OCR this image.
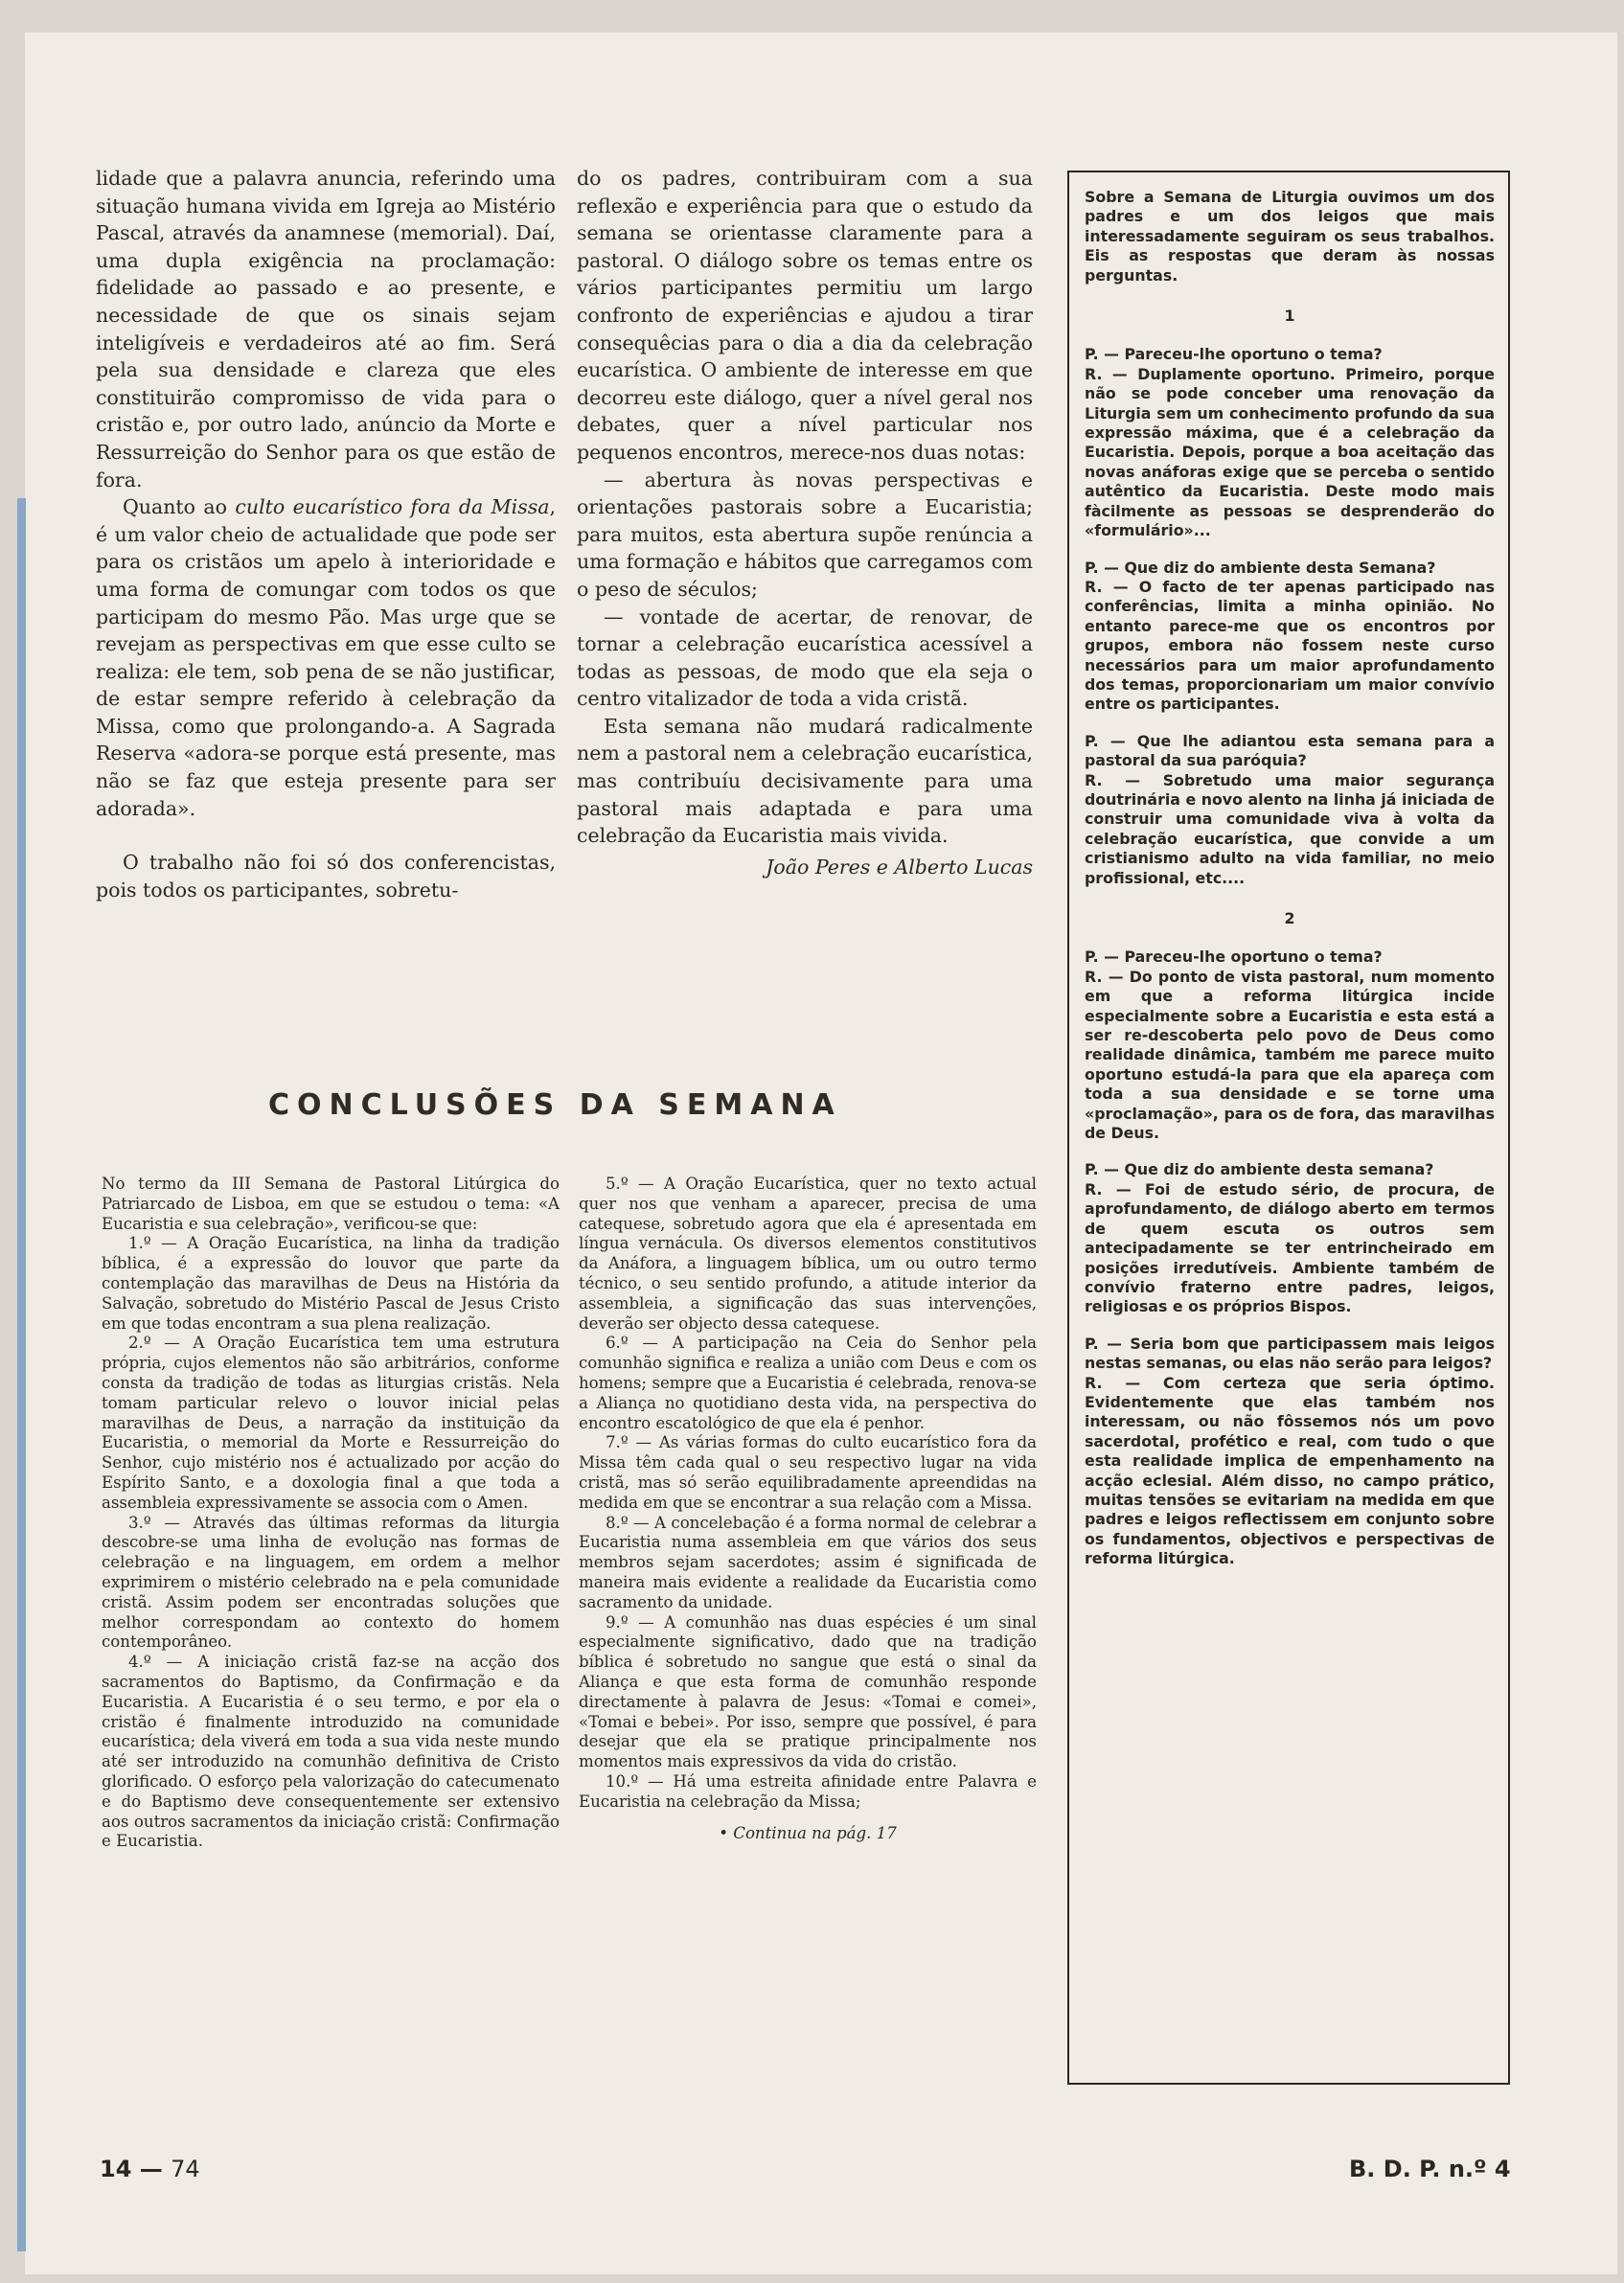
lidade que a palavra anuncia, referindo uma situação humana vivida em Igreja ao Mistério Pascal, através da anamnese (memorial). Daí, uma dupla exigência na proclamação: fidelidade ao passado e ao presente, e necessidade de que os sinais sejam inteligíveis e verdadeiros até ao fim. Será pela sua densidade e clareza que eles constituirão compromisso de vida para o cristão e, por outro lado, anúncio da Morte e Ressurreição do Senhor para os que estão de fora.

Quanto ao culto eucarístico fora da Missa, é um valor cheio de actualidade que pode ser para os cristãos um apelo à interioridade e uma forma de comungar com todos os que participam do mesmo Pão. Mas urge que se revejam as perspectivas em que esse culto se realiza: ele tem, sob pena de se não justificar, de estar sempre referido à celebração da Missa, como que prolongando-a. A Sagrada Reserva «adora-se porque está presente, mas não se faz que esteja presente para ser adorada».

O trabalho não foi só dos conferencistas, pois todos os participantes, sobretu-

do os padres, contribuiram com a sua reflexão e experiência para que o estudo da semana se orientasse claramente para a pastoral. O diálogo sobre os temas entre os vários participantes permitiu um largo confronto de experiências e ajudou a tirar consequêcias para o dia a dia da celebração eucarística. O ambiente de interesse em que decorreu este diálogo, quer a nível geral nos debates, quer a nível particular nos pequenos encontros, merece-nos duas notas:

— abertura às novas perspectivas e orientações pastorais sobre a Eucaristia; para muitos, esta abertura supõe renúncia a uma formação e hábitos que carregamos com o peso de séculos;

— vontade de acertar, de renovar, de tornar a celebração eucarística acessível a todas as pessoas, de modo que ela seja o centro vitalizador de toda a vida cristã.

Esta semana não mudará radicalmente nem a pastoral nem a celebração eucarística, mas contribuíu decisivamente para uma pastoral mais adaptada e para uma celebração da Eucaristia mais vivida.

João Peres e Alberto Lucas

CONCLUSÕES DA SEMANA

No termo da III Semana de Pastoral Litúrgica do Patriarcado de Lisboa, em que se estudou o tema: «A Eucaristia e sua celebração», verificou-se que:

1.º — A Oração Eucarística, na linha da tradição bíblica, é a expressão do louvor que parte da contemplação das maravilhas de Deus na História da Salvação, sobretudo do Mistério Pascal de Jesus Cristo em que todas encontram a sua plena realização.

2.º — A Oração Eucarística tem uma estrutura própria, cujos elementos não são arbitrários, conforme consta da tradição de todas as liturgias cristãs. Nela tomam particular relevo o louvor inicial pelas maravilhas de Deus, a narração da instituição da Eucaristia, o memorial da Morte e Ressurreição do Senhor, cujo mistério nos é actualizado por acção do Espírito Santo, e a doxologia final a que toda a assembleia expressivamente se associa com o Amen.

3.º — Através das últimas reformas da liturgia descobre-se uma linha de evolução nas formas de celebração e na linguagem, em ordem a melhor exprimirem o mistério celebrado na e pela comunidade cristã. Assim podem ser encontradas soluções que melhor correspondam ao contexto do homem contemporâneo.

4.º — A iniciação cristã faz-se na acção dos sacramentos do Baptismo, da Confirmação e da Eucaristia. A Eucaristia é o seu termo, e por ela o cristão é finalmente introduzido na comunidade eucarística; dela viverá em toda a sua vida neste mundo até ser introduzido na comunhão definitiva de Cristo glorificado. O esforço pela valorização do catecumenato e do Baptismo deve consequentemente ser extensivo aos outros sacramentos da iniciação cristã: Confirmação e Eucaristia.

5.º — A Oração Eucarística, quer no texto actual quer nos que venham a aparecer, precisa de uma catequese, sobretudo agora que ela é apresentada em língua vernácula. Os diversos elementos constitutivos da Anáfora, a linguagem bíblica, um ou outro termo técnico, o seu sentido profundo, a atitude interior da assembleia, a significação das suas intervenções, deverão ser objecto dessa catequese.

6.º — A participação na Ceia do Senhor pela comunhão significa e realiza a união com Deus e com os homens; sempre que a Eucaristia é celebrada, renova-se a Aliança no quotidiano desta vida, na perspectiva do encontro escatológico de que ela é penhor.

7.º — As várias formas do culto eucarístico fora da Missa têm cada qual o seu respectivo lugar na vida cristã, mas só serão equilibradamente apreendidas na medida em que se encontrar a sua relação com a Missa.

8.º — A concelebação é a forma normal de celebrar a Eucaristia numa assembleia em que vários dos seus membros sejam sacerdotes; assim é significada de maneira mais evidente a realidade da Eucaristia como sacramento da unidade.

9.º — A comunhão nas duas espécies é um sinal especialmente significativo, dado que na tradição bíblica é sobretudo no sangue que está o sinal da Aliança e que esta forma de comunhão responde directamente à palavra de Jesus: «Tomai e comei», «Tomai e bebei». Por isso, sempre que possível, é para desejar que ela se pratique principalmente nos momentos mais expressivos da vida do cristão.

10.º — Há uma estreita afinidade entre Palavra e Eucaristia na celebração da Missa;

• Continua na pág. 17

Sobre a Semana de Liturgia ouvimos um dos padres e um dos leigos que mais interessadamente seguiram os seus trabalhos. Eis as respostas que deram às nossas perguntas.

1

P. — Pareceu-lhe oportuno o tema?

R. — Duplamente oportuno. Primeiro, porque não se pode conceber uma renovação da Liturgia sem um conhecimento profundo da sua expressão máxima, que é a celebração da Eucaristia. Depois, porque a boa aceitação das novas anáforas exige que se perceba o sentido autêntico da Eucaristia. Deste modo mais fàcilmente as pessoas se desprenderão do «formulário»...

P. — Que diz do ambiente desta Semana?

R. — O facto de ter apenas participado nas conferências, limita a minha opinião. No entanto parece-me que os encontros por grupos, embora não fossem neste curso necessários para um maior aprofundamento dos temas, proporcionariam um maior convívio entre os participantes.

P. — Que lhe adiantou esta semana para a pastoral da sua paróquia?

R. — Sobretudo uma maior segurança doutrinária e novo alento na linha já iniciada de construir uma comunidade viva à volta da celebração eucarística, que convide a um cristianismo adulto na vida familiar, no meio profissional, etc....

2

P. — Pareceu-lhe oportuno o tema?

R. — Do ponto de vista pastoral, num momento em que a reforma litúrgica incide especialmente sobre a Eucaristia e esta está a ser re-descoberta pelo povo de Deus como realidade dinâmica, também me parece muito oportuno estudá-la para que ela apareça com toda a sua densidade e se torne uma «proclamação», para os de fora, das maravilhas de Deus.

P. — Que diz do ambiente desta semana?

R. — Foi de estudo sério, de procura, de aprofundamento, de diálogo aberto em termos de quem escuta os outros sem antecipadamente se ter entrincheirado em posições irredutíveis. Ambiente também de convívio fraterno entre padres, leigos, religiosas e os próprios Bispos.

P. — Seria bom que participassem mais leigos nestas semanas, ou elas não serão para leigos?

R. — Com certeza que seria óptimo. Evidentemente que elas também nos interessam, ou não fôssemos nós um povo sacerdotal, profético e real, com tudo o que esta realidade implica de empenhamento na acção eclesial. Além disso, no campo prático, muitas tensões se evitariam na medida em que padres e leigos reflectissem em conjunto sobre os fundamentos, objectivos e perspectivas de reforma litúrgica.

14 — 74	B. D. P. n.º 4
